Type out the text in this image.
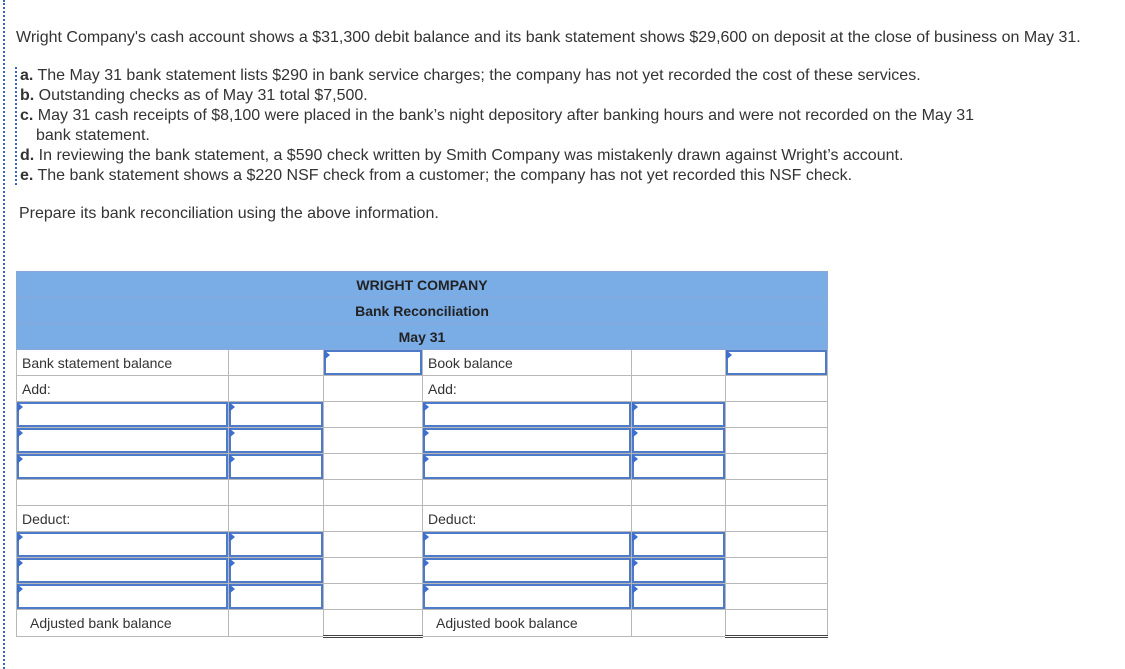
Wright Company's cash account shows a $31,300 debit balance and its bank statement shows $29,600 on deposit at the close of business on May 31.

a. The May 31 bank statement lists $290 in bank service charges; the company has not yet recorded the cost of these services.
b. Outstanding checks as of May 31 total $7,500.
c. May 31 cash receipts of $8,100 were placed in the bank’s night depository after banking hours and were not recorded on the May 31
bank statement.
d. In reviewing the bank statement, a $590 check written by Smith Company was mistakenly drawn against Wright’s account.
e. The bank statement shows a $220 NSF check from a customer; the company has not yet recorded this NSF check.

Prepare its bank reconciliation using the above information.

WRIGHT COMPANY					
Bank Reconciliation					
May 31					
Bank statement balance			Book balance		
Add:			Add:		

Deduct:			Deduct:		

Adjusted bank balance			Adjusted book balance		
